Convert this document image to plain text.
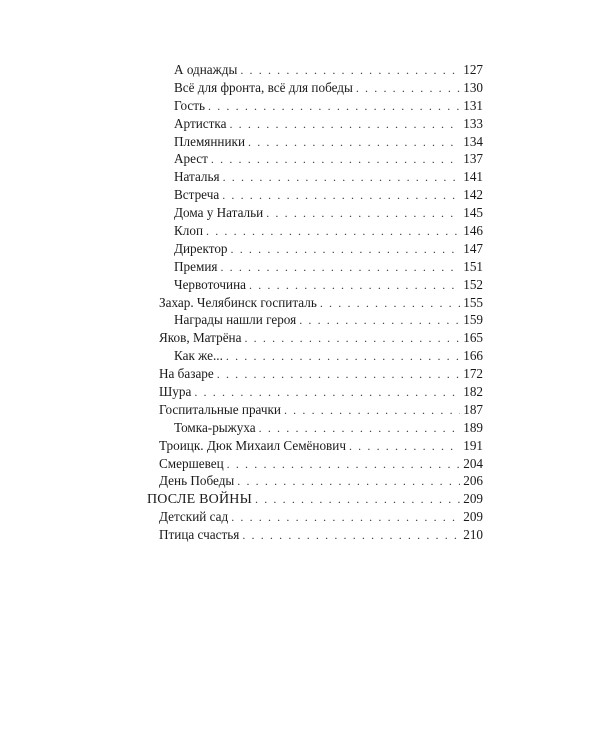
А однажды . . .	127
Всё для фронта, всё для победы . . .	130
Гость . . .	131
Артистка . . .	133
Племянники . . .	134
Арест . . .	137
Наталья . . .	141
Встреча . . .	142
Дома у Натальи . . .	145
Клоп . . .	146
Директор . . .	147
Премия . . .	151
Червоточина . . .	152
Захар. Челябинск госпиталь . . .	155
Награды нашли героя . . .	159
Яков, Матрёна . . .	165
Как же... . . .	166
На базаре . . .	172
Шура . . .	182
Госпитальные прачки . . .	187
Томка-рыжуха . . .	189
Троицк. Дюк Михаил Семёнович . . .	191
Смершевец . . .	204
День Победы . . .	206
ПОСЛЕ ВОЙНЫ . . .	209
Детский сад . . .	209
Птица счастья . . .	210
